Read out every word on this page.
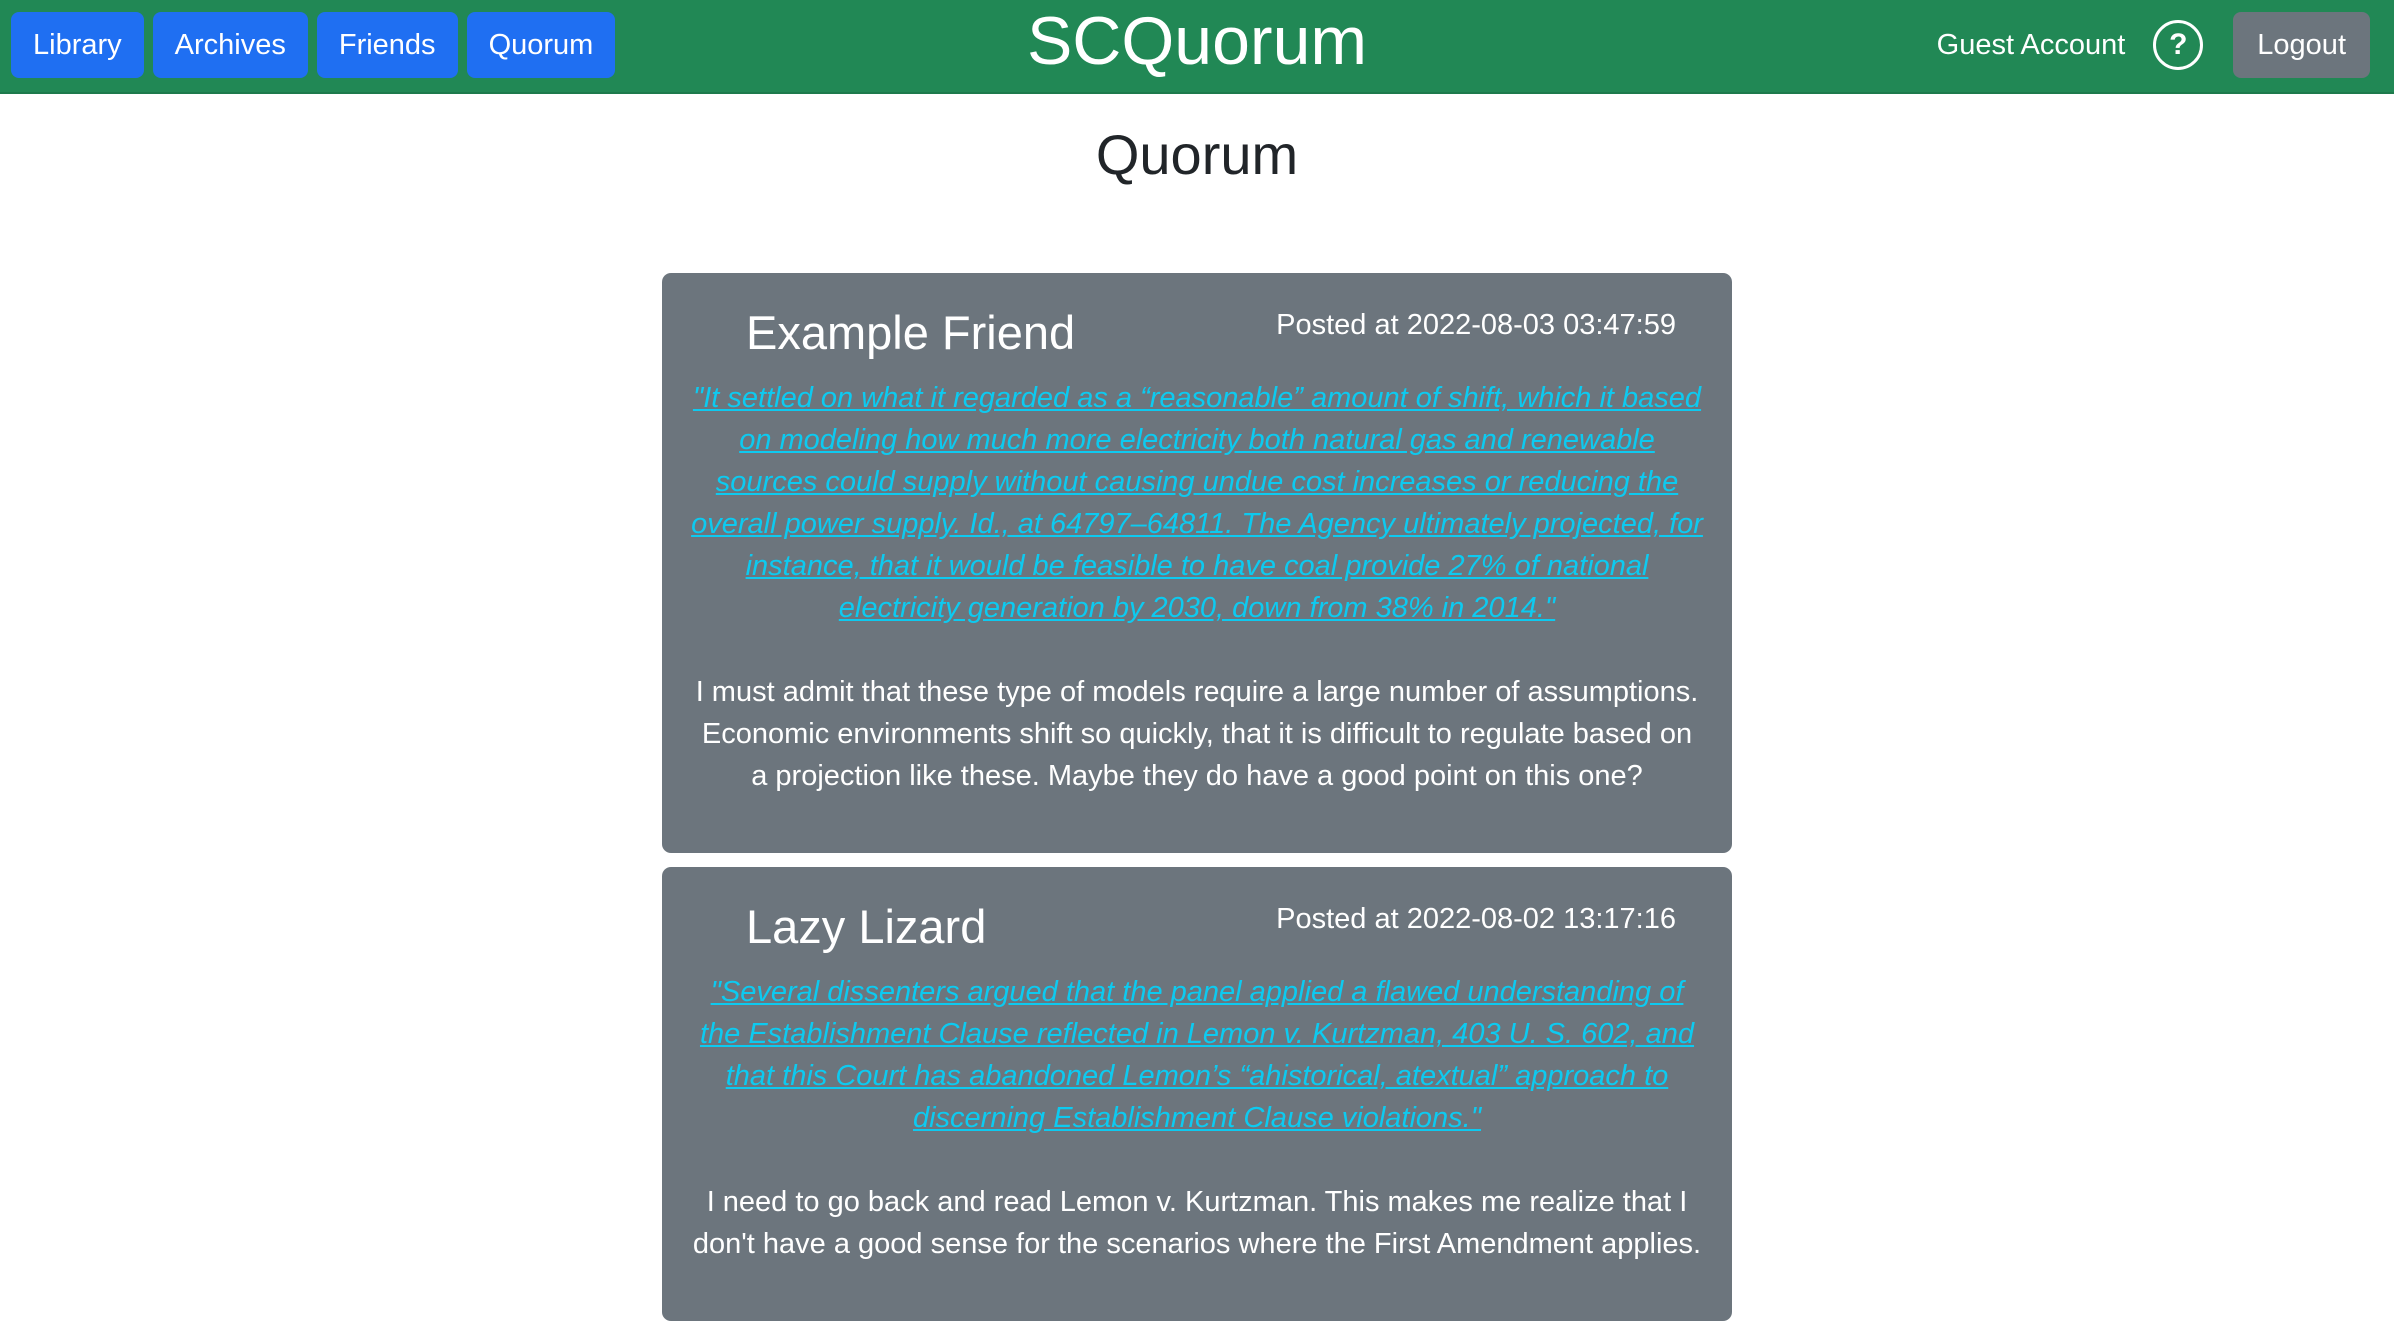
Library	Archives	Friends	Quorum	SCQuorum	Guest Account	?	Logout
Quorum
Example Friend	Posted at 2022-08-03 03:47:59
"It settled on what it regarded as a “reasonable” amount of shift, which it based on modeling how much more electricity both natural gas and renewable sources could supply without causing undue cost increases or reducing the overall power supply. Id., at 64797–64811. The Agency ultimately projected, for instance, that it would be feasible to have coal provide 27% of national electricity generation by 2030, down from 38% in 2014."
I must admit that these type of models require a large number of assumptions. Economic environments shift so quickly, that it is difficult to regulate based on a projection like these. Maybe they do have a good point on this one?
Lazy Lizard	Posted at 2022-08-02 13:17:16
"Several dissenters argued that the panel applied a flawed understanding of the Establishment Clause reflected in Lemon v. Kurtzman, 403 U. S. 602, and that this Court has abandoned Lemon’s “ahistorical, atextual” approach to discerning Establishment Clause violations."
I need to go back and read Lemon v. Kurtzman. This makes me realize that I don't have a good sense for the scenarios where the First Amendment applies.
